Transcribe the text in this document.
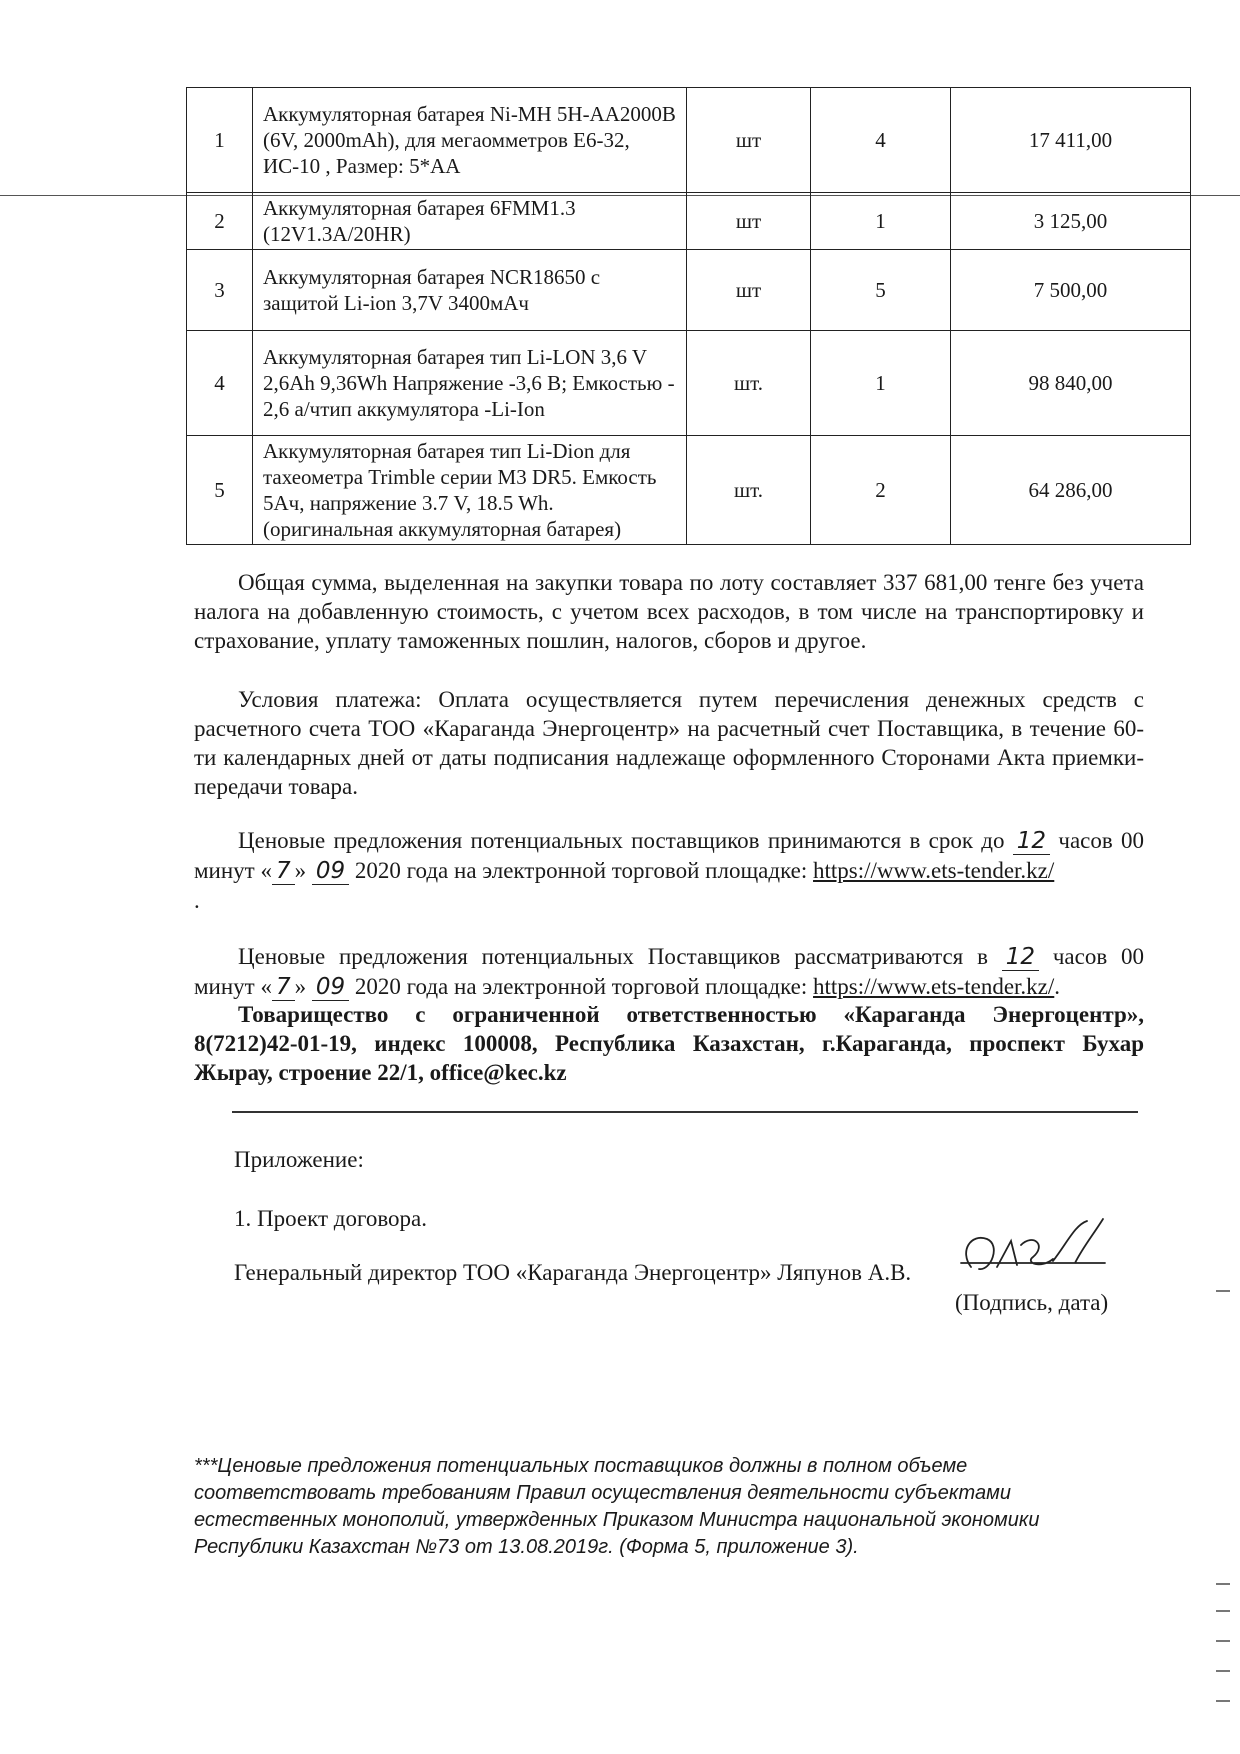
1	Аккумуляторная батарея Ni-MH 5H-AA2000B (6V, 2000mAh), для мегаомметров Е6-32, ИС-10 , Размер: 5*АА	шт	4	17 411,00
2	Аккумуляторная батарея 6FMM1.3 (12V1.3A/20HR)	шт	1	3 125,00
3	Аккумуляторная батарея NCR18650 с защитой Li-ion 3,7V 3400мАч	шт	5	7 500,00
4	Аккумуляторная батарея тип Li-LON 3,6 V 2,6Ah 9,36Wh Напряжение -3,6 В; Емкостью - 2,6 а/чтип аккумулятора -Li-Ion	шт.	1	98 840,00
5	Аккумуляторная батарея тип Li-Dion для тахеометра Trimble серии M3 DR5. Емкость 5Ач, напряжение 3.7 V, 18.5 Wh. (оригинальная аккумуляторная батарея)	шт.	2	64 286,00
Общая сумма, выделенная на закупки товара по лоту составляет 337 681,00 тенге без учета налога на добавленную стоимость, с учетом всех расходов, в том числе на транспортировку и страхование, уплату таможенных пошлин, налогов, сборов и другое.
Условия платежа: Оплата осуществляется путем перечисления денежных средств с расчетного счета ТОО «Караганда Энергоцентр» на расчетный счет Поставщика, в течение 60-ти календарных дней от даты подписания надлежаще оформленного Сторонами Акта приемки-передачи товара.
Ценовые предложения потенциальных поставщиков принимаются в срок до 12 часов 00 минут « 7 » 09 2020 года на электронной торговой площадке: https://www.ets-tender.kz/
.
Ценовые предложения потенциальных Поставщиков рассматриваются в 12 часов 00 минут « 7 » 09 2020 года на электронной торговой площадке: https://www.ets-tender.kz/.
Товарищество с ограниченной ответственностью «Караганда Энергоцентр», 8(7212)42-01-19, индекс 100008, Республика Казахстан, г.Караганда, проспект Бухар Жырау, строение 22/1, office@kec.kz
Приложение:
1. Проект договора.
Генеральный директор ТОО «Караганда Энергоцентр» Ляпунов А.В.
(Подпись, дата)
***Ценовые предложения потенциальных поставщиков должны в полном объеме соответствовать требованиям Правил осуществления деятельности субъектами естественных монополий, утвержденных Приказом Министра национальной экономики Республики Казахстан №73 от 13.08.2019г. (Форма 5, приложение 3).
